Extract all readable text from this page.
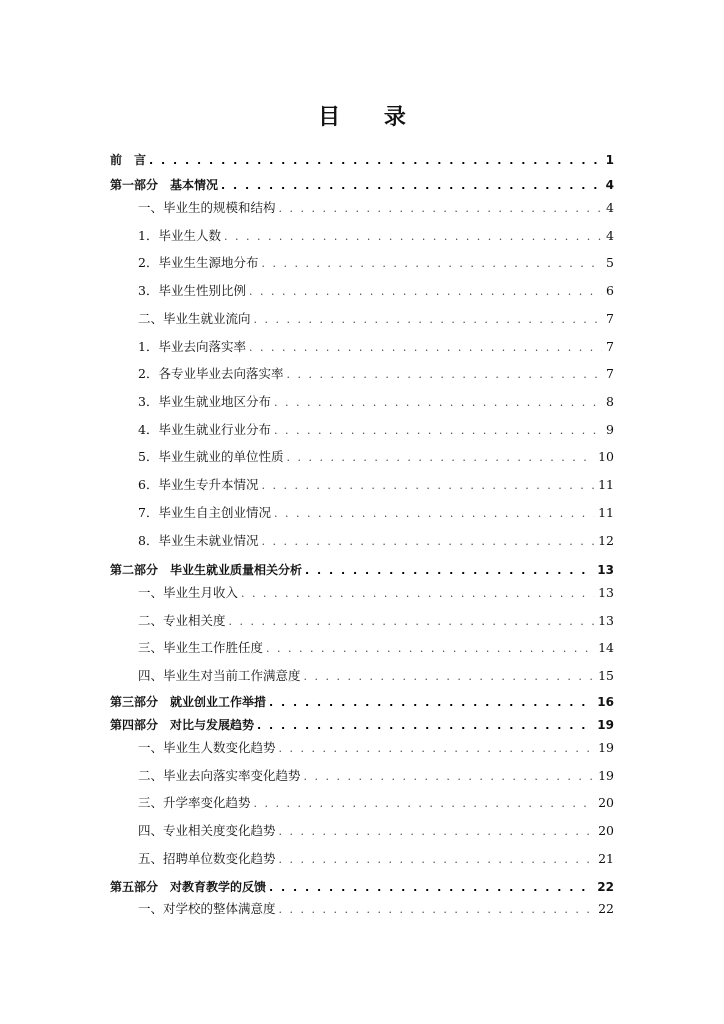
目 录
前　言 . . .	1
第一部分　基本情况 . . .	4
一、毕业生的规模和结构 . . .	4
1．毕业生人数 . . .	4
2．毕业生生源地分布 . . .	5
3．毕业生性别比例 . . .	6
二、毕业生就业流向 . . .	7
1．毕业去向落实率 . . .	7
2．各专业毕业去向落实率 . . .	7
3．毕业生就业地区分布 . . .	8
4．毕业生就业行业分布 . . .	9
5．毕业生就业的单位性质 . . .	10
6．毕业生专升本情况 . . .	11
7．毕业生自主创业情况 . . .	11
8．毕业生未就业情况 . . .	12
第二部分　毕业生就业质量相关分析 . . .	13
一、毕业生月收入 . . .	13
二、专业相关度 . . .	13
三、毕业生工作胜任度 . . .	14
四、毕业生对当前工作满意度 . . .	15
第三部分　就业创业工作举措 . . .	16
第四部分　对比与发展趋势 . . .	19
一、毕业生人数变化趋势 . . .	19
二、毕业去向落实率变化趋势 . . .	19
三、升学率变化趋势 . . .	20
四、专业相关度变化趋势 . . .	20
五、招聘单位数变化趋势 . . .	21
第五部分　对教育教学的反馈 . . .	22
一、对学校的整体满意度 . . .	22
